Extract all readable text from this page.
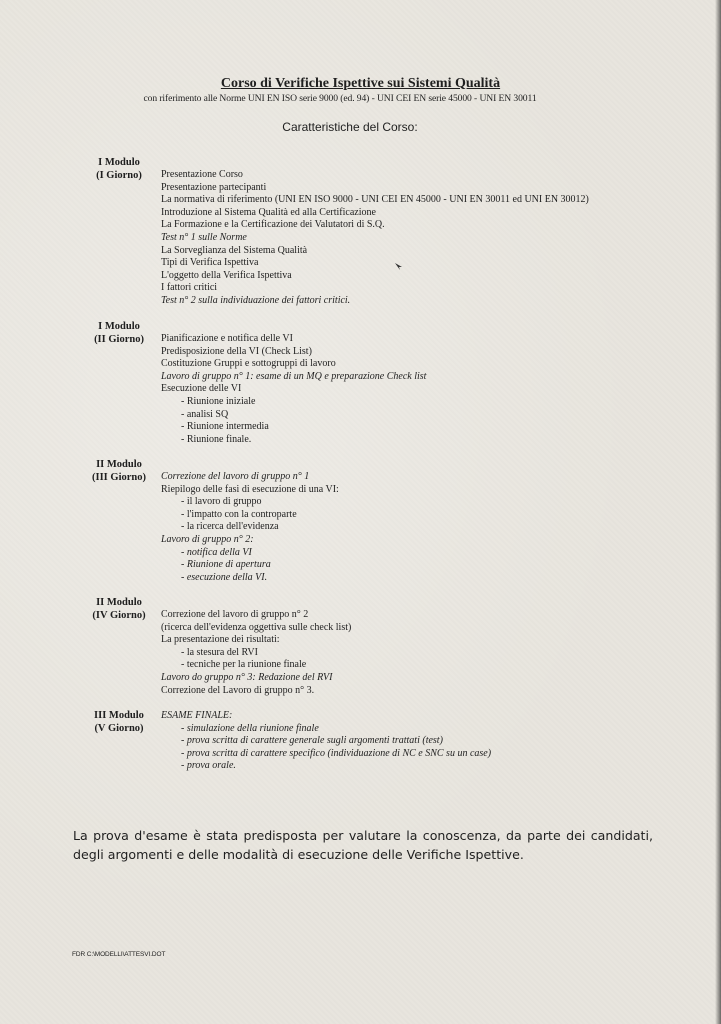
Corso di Verifiche Ispettive sui Sistemi Qualità
con riferimento alle Norme UNI EN ISO serie 9000 (ed. 94) - UNI CEI EN serie 45000 - UNI EN 30011
Caratteristiche del Corso:
I Modulo
(I Giorno)	Presentazione Corso
Presentazione partecipanti
La normativa di riferimento (UNI EN ISO 9000 - UNI CEI EN 45000 - UNI EN 30011 ed UNI EN 30012)
Introduzione al Sistema Qualità ed alla Certificazione
La Formazione e la Certificazione dei Valutatori di S.Q.
Test n° 1 sulle Norme
La Sorveglianza del Sistema Qualità
Tipi di Verifica Ispettiva
L'oggetto della Verifica Ispettiva
I fattori critici
Test n° 2 sulla individuazione dei fattori critici.
I Modulo
(II Giorno)	Pianificazione e notifica delle VI
Predisposizione della VI (Check List)
Costituzione Gruppi e sottogruppi di lavoro
Lavoro di gruppo n° 1: esame di un MQ e preparazione Check list
Esecuzione delle VI
- Riunione iniziale
- analisi SQ
- Riunione intermedia
- Riunione finale.
II Modulo
(III Giorno)	Correzione del lavoro di gruppo n° 1
Riepilogo delle fasi di esecuzione di una VI:
- il lavoro di gruppo
- l'impatto con la controparte
- la ricerca dell'evidenza
Lavoro di gruppo n° 2:
- notifica della VI
- Riunione di apertura
- esecuzione della VI.
II Modulo
(IV Giorno)	Correzione del lavoro di gruppo n° 2
(ricerca dell'evidenza oggettiva sulle check list)
La presentazione dei risultati:
- la stesura del RVI
- tecniche per la riunione finale
Lavoro do gruppo n° 3: Redazione del RVI
Correzione del Lavoro di gruppo n° 3.
III Modulo
(V Giorno)
ESAME FINALE:
- simulazione della riunione finale
- prova scritta di carattere generale sugli argomenti trattati (test)
- prova scritta di carattere specifico (individuazione di NC e SNC su un case)
- prova orale.
La prova d'esame è stata predisposta per valutare la conoscenza, da parte dei candidati, degli argomenti e delle modalità di esecuzione delle Verifiche Ispettive.
FDR C:\MODELLI\ATTESVI.DOT
